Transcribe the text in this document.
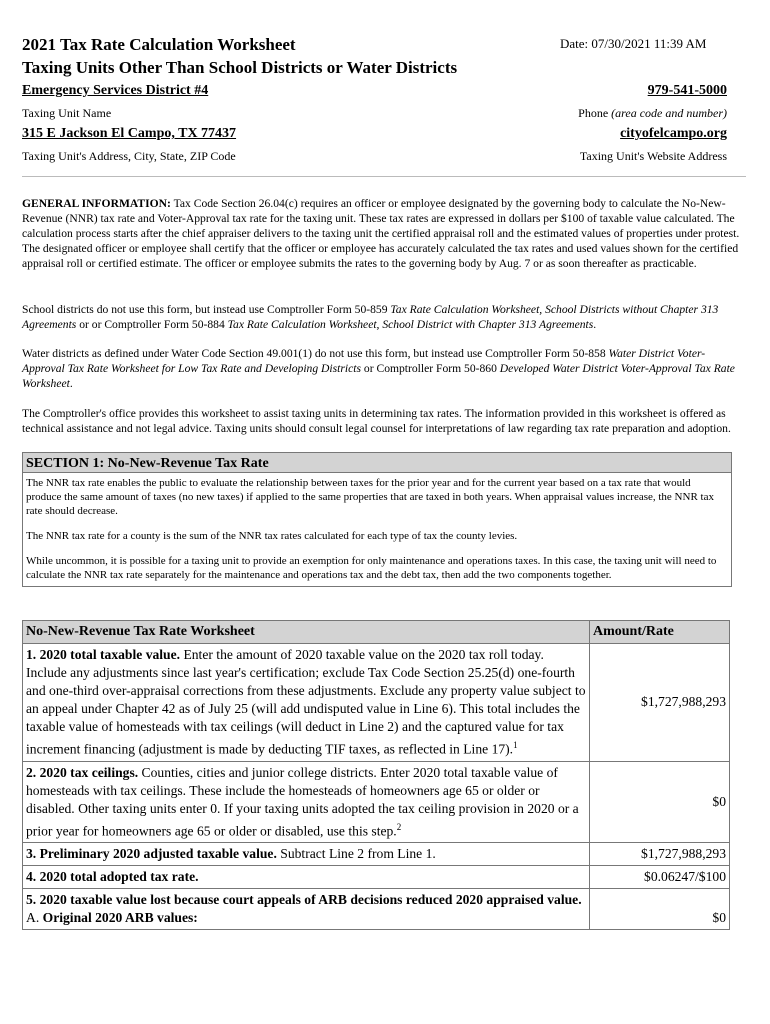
2021 Tax Rate Calculation Worksheet
Taxing Units Other Than School Districts or Water Districts
Date: 07/30/2021 11:39 AM
Emergency Services District #4
Taxing Unit Name
979-541-5000
Phone (area code and number)
315 E Jackson El Campo, TX 77437
Taxing Unit's Address, City, State, ZIP Code
cityofelcampo.org
Taxing Unit's Website Address

GENERAL INFORMATION: Tax Code Section 26.04(c) requires an officer or employee designated by the governing body to calculate the No-New-Revenue (NNR) tax rate and Voter-Approval tax rate for the taxing unit. These tax rates are expressed in dollars per $100 of taxable value calculated. The calculation process starts after the chief appraiser delivers to the taxing unit the certified appraisal roll and the estimated values of properties under protest. The designated officer or employee shall certify that the officer or employee has accurately calculated the tax rates and used values shown for the certified appraisal roll or certified estimate. The officer or employee submits the rates to the governing body by Aug. 7 or as soon thereafter as practicable.

School districts do not use this form, but instead use Comptroller Form 50-859 Tax Rate Calculation Worksheet, School Districts without Chapter 313 Agreements or or Comptroller Form 50-884 Tax Rate Calculation Worksheet, School District with Chapter 313 Agreements.

Water districts as defined under Water Code Section 49.001(1) do not use this form, but instead use Comptroller Form 50-858 Water District Voter-Approval Tax Rate Worksheet for Low Tax Rate and Developing Districts or Comptroller Form 50-860 Developed Water District Voter-Approval Tax Rate Worksheet.

The Comptroller's office provides this worksheet to assist taxing units in determining tax rates. The information provided in this worksheet is offered as technical assistance and not legal advice. Taxing units should consult legal counsel for interpretations of law regarding tax rate preparation and adoption.

SECTION 1: No-New-Revenue Tax Rate

The NNR tax rate enables the public to evaluate the relationship between taxes for the prior year and for the current year based on a tax rate that would produce the same amount of taxes (no new taxes) if applied to the same properties that are taxed in both years. When appraisal values increase, the NNR tax rate should decrease.

The NNR tax rate for a county is the sum of the NNR tax rates calculated for each type of tax the county levies.

While uncommon, it is possible for a taxing unit to provide an exemption for only maintenance and operations taxes. In this case, the taxing unit will need to calculate the NNR tax rate separately for the maintenance and operations tax and the debt tax, then add the two components together.

No-New-Revenue Tax Rate Worksheet	Amount/Rate
1. 2020 total taxable value. Enter the amount of 2020 taxable value on the 2020 tax roll today. Include any adjustments since last year's certification; exclude Tax Code Section 25.25(d) one-fourth and one-third over-appraisal corrections from these adjustments. Exclude any property value subject to an appeal under Chapter 42 as of July 25 (will add undisputed value in Line 6). This total includes the taxable value of homesteads with tax ceilings (will deduct in Line 2) and the captured value for tax increment financing (adjustment is made by deducting TIF taxes, as reflected in Line 17).$^1$	$1,727,988,293
2. 2020 tax ceilings. Counties, cities and junior college districts. Enter 2020 total taxable value of homesteads with tax ceilings. These include the homesteads of homeowners age 65 or older or disabled. Other taxing units enter 0. If your taxing units adopted the tax ceiling provision in 2020 or a prior year for homeowners age 65 or older or disabled, use this step.$^2$	$0
3. Preliminary 2020 adjusted taxable value. Subtract Line 2 from Line 1.	$1,727,988,293
4. 2020 total adopted tax rate.	$0.06247/$100
5. 2020 taxable value lost because court appeals of ARB decisions reduced 2020 appraised value.
A. Original 2020 ARB values:	$0
